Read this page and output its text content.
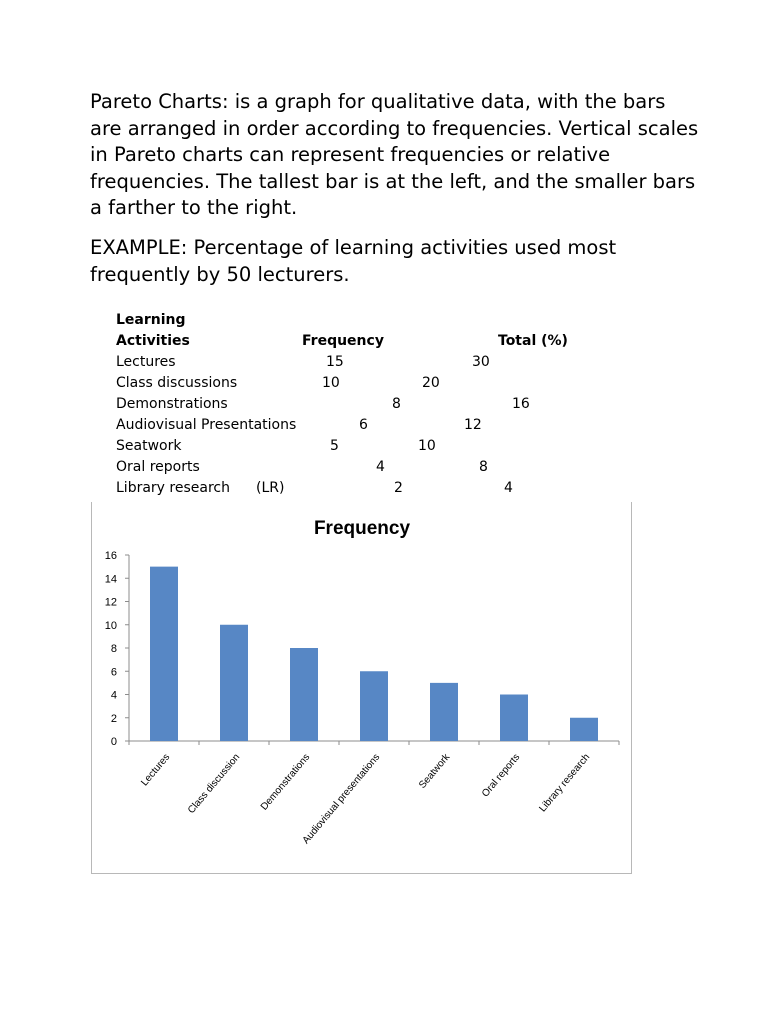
Pareto Charts: is a graph for qualitative data, with the bars are arranged in order according to frequencies. Vertical scales in Pareto charts can represent frequencies or relative frequencies. The tallest bar is at the left, and the smaller bars a farther to the right.

EXAMPLE: Percentage of learning activities used most frequently by 50 lecturers.

Learning
Activities	Frequency	Total (%)
Lectures	15	30
Class discussions	10	20
Demonstrations	8	16
Audiovisual Presentations	6	12
Seatwork	5	10
Oral reports	4	8
Library research (LR)	2	4
Frequency
0
2
4
6
8
10
12
14
16
Lectures Class discussion Demonstrations
Audiovisual presentations	Seatwork	Oral reports Library research
